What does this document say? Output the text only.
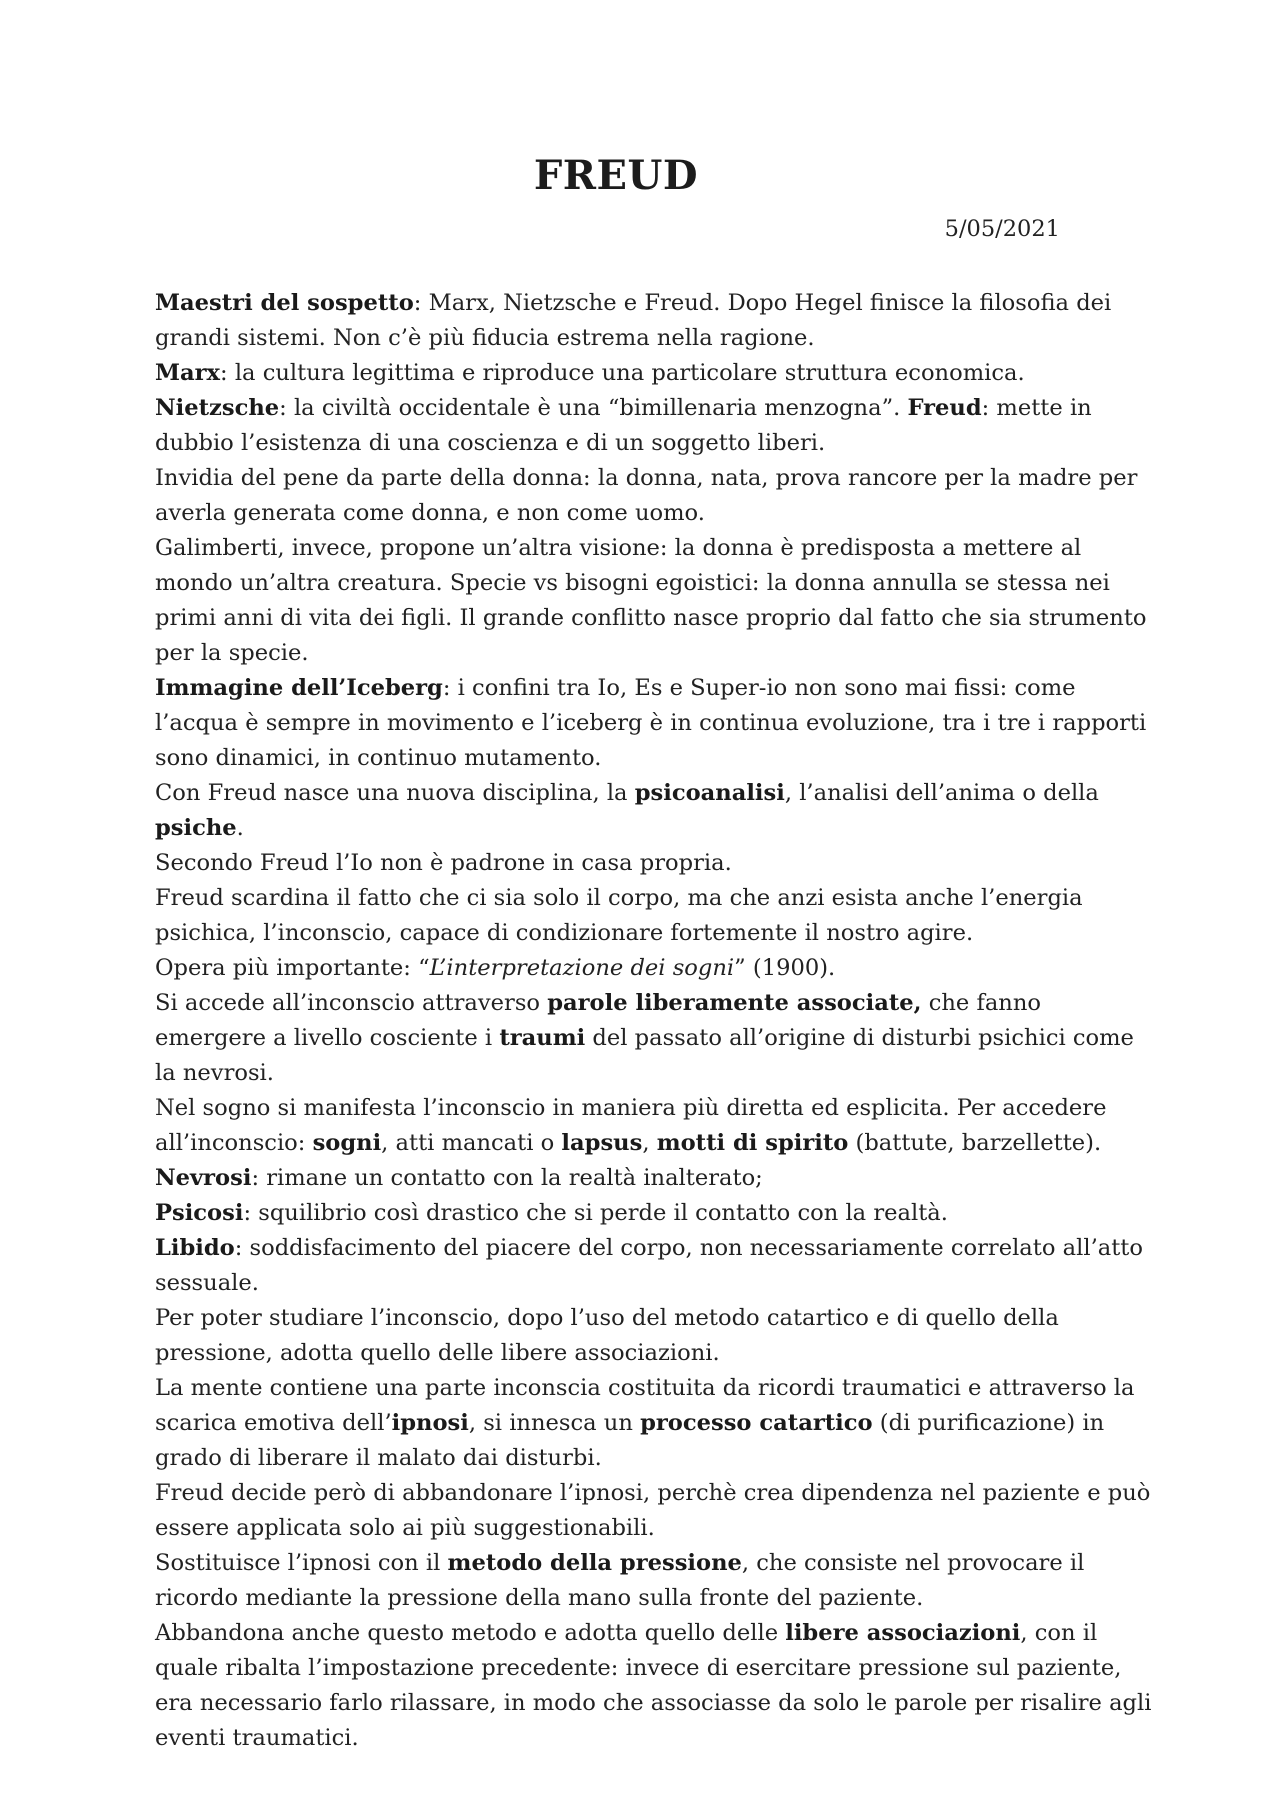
FREUD
5/05/2021

Maestri del sospetto: Marx, Nietzsche e Freud. Dopo Hegel finisce la filosofia dei grandi sistemi. Non c’è più fiducia estrema nella ragione.

Marx: la cultura legittima e riproduce una particolare struttura economica. Nietzsche: la civiltà occidentale è una “bimillenaria menzogna”. Freud: mette in dubbio l’esistenza di una coscienza e di un soggetto liberi.

Invidia del pene da parte della donna: la donna, nata, prova rancore per la madre per averla generata come donna, e non come uomo.

Galimberti, invece, propone un’altra visione: la donna è predisposta a mettere al mondo un’altra creatura. Specie vs bisogni egoistici: la donna annulla se stessa nei primi anni di vita dei figli. Il grande conflitto nasce proprio dal fatto che sia strumento per la specie.

Immagine dell’Iceberg: i confini tra Io, Es e Super-io non sono mai fissi: come l’acqua è sempre in movimento e l’iceberg è in continua evoluzione, tra i tre i rapporti sono dinamici, in continuo mutamento.

Con Freud nasce una nuova disciplina, la psicoanalisi, l’analisi dell’anima o della psiche.

Secondo Freud l’Io non è padrone in casa propria.

Freud scardina il fatto che ci sia solo il corpo, ma che anzi esista anche l’energia psichica, l’inconscio, capace di condizionare fortemente il nostro agire.

Opera più importante: “L’interpretazione dei sogni” (1900).

Si accede all’inconscio attraverso parole liberamente associate, che fanno emergere a livello cosciente i traumi del passato all’origine di disturbi psichici come la nevrosi.

Nel sogno si manifesta l’inconscio in maniera più diretta ed esplicita. Per accedere all’inconscio: sogni, atti mancati o lapsus, motti di spirito (battute, barzellette).

Nevrosi: rimane un contatto con la realtà inalterato;

Psicosi: squilibrio così drastico che si perde il contatto con la realtà.

Libido: soddisfacimento del piacere del corpo, non necessariamente correlato all’atto sessuale.

Per poter studiare l’inconscio, dopo l’uso del metodo catartico e di quello della pressione, adotta quello delle libere associazioni.

La mente contiene una parte inconscia costituita da ricordi traumatici e attraverso la scarica emotiva dell’ipnosi, si innesca un processo catartico (di purificazione) in grado di liberare il malato dai disturbi.

Freud decide però di abbandonare l’ipnosi, perchè crea dipendenza nel paziente e può essere applicata solo ai più suggestionabili.

Sostituisce l’ipnosi con il metodo della pressione, che consiste nel provocare il ricordo mediante la pressione della mano sulla fronte del paziente.

Abbandona anche questo metodo e adotta quello delle libere associazioni, con il quale ribalta l’impostazione precedente: invece di esercitare pressione sul paziente, era necessario farlo rilassare, in modo che associasse da solo le parole per risalire agli eventi traumatici.
